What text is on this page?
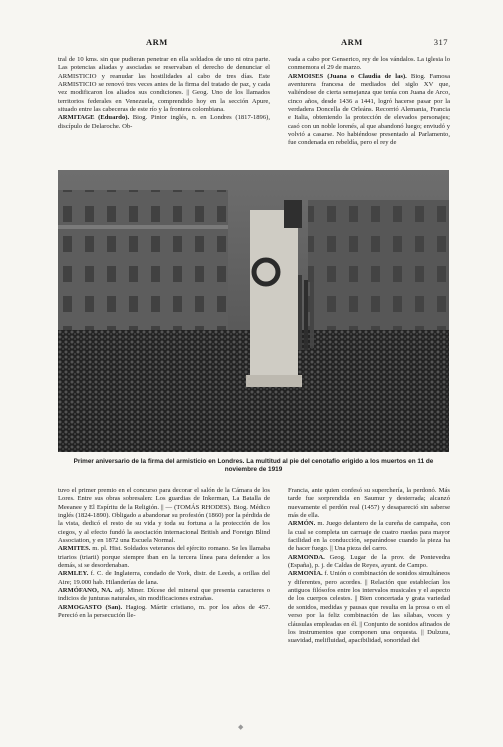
ARM	ARM	317

tral de 10 kms. sin que pudieran penetrar en ella soldados de uno ni otra parte. Las potencias aliadas y asociadas se reservaban el derecho de denunciar el ARMISTICIO y reanudar las hostilidades al cabo de tres días. Este ARMISTICIO se renovó tres veces antes de la firma del tratado de paz, y cada vez modificaron los aliados sus condiciones. || Geog. Uno de los llamados territorios federales en Venezuela, comprendido hoy en la sección Apure, situado entre las cabeceras de este río y la frontera colombiana.

ARMITAGE (Eduardo). Biog. Pintor inglés, n. en Londres (1817-1896), discípulo de Delaroche. Ob-

vada a cabo por Genserico, rey de los vándalos. La iglesia lo conmemora el 29 de marzo.

ARMOISES (Juana o Claudia de las). Biog. Famosa aventurera francesa de mediados del siglo XV que, valiéndose de cierta semejanza que tenía con Juana de Arco, cinco años, desde 1436 a 1441, logró hacerse pasar por la verdadera Doncella de Orleáns. Recorrió Alemania, Francia e Italia, obteniendo la protección de elevados personajes; casó con un noble lorenés, al que abandonó luego; enviudó y volvió a casarse. No habiéndose presentado al Parlamento, fue condenada en rebeldía, pero el rey de

Primer aniversario de la firma del armisticio en Londres. La multitud al pie del cenotafio erigido a los muertos en 11 de noviembre de 1919

tuvo el primer premio en el concurso para decorar el salón de la Cámara de los Lores. Entre sus obras sobresalen: Los guardias de Inkerman, La Batalla de Meeanee y El Espíritu de la Religión. || — (TOMÁS RHODES). Biog. Médico inglés (1824-1890). Obligado a abandonar su profesión (1860) por la pérdida de la vista, dedicó el resto de su vida y toda su fortuna a la protección de los ciegos, y al efecto fundó la asociación internacional British and Foreign Blind Association, y en 1872 una Escuela Normal.

ARMITES. m. pl. Hist. Soldados veteranos del ejército romano. Se les llamaba triarios (triarii) porque siempre iban en la tercera línea para defender a los demás, si se desordenaban.

ARMLEY. f. C. de Inglaterra, condado de York, distr. de Leeds, a orillas del Aire; 19.000 hab. Hilanderías de lana.

ARMÓFANO, NA. adj. Miner. Dícese del mineral que presenta caracteres o indicios de junturas naturales, sin modificaciones extrañas.

ARMOGASTO (San). Hagiog. Mártir cristiano, m. por los años de 457. Pereció en la persecución lle-

Francia, ante quien confesó su superchería, la perdonó. Más tarde fue sorprendida en Saumur y desterrada; alcanzó nuevamente el perdón real (1457) y desapareció sin saberse más de ella.

ARMÓN. m. Juego delantero de la cureña de campaña, con la cual se completa un carruaje de cuatro ruedas para mayor facilidad en la conducción, separándose cuando la pieza ha de hacer fuego. || Una pieza del carro.

ARMONDA. Geog. Lugar de la prov. de Pontevedra (España), p. j. de Caldas de Reyes, ayunt. de Campo.

ARMONÍA. f. Unión o combinación de sonidos simultáneos y diferentes, pero acordes. || Relación que establecían los antiguos filósofos entre los intervalos musicales y el aspecto de los cuerpos celestes. || Bien concertada y grata variedad de sonidos, medidas y pausas que resulta en la prosa o en el verso por la feliz combinación de las sílabas, voces y cláusulas empleadas en él. || Conjunto de sonidos afinados de los instrumentos que componen una orquesta. || Dulzura, suavidad, melifluidad, apacibilidad, sonoridad del

◆
